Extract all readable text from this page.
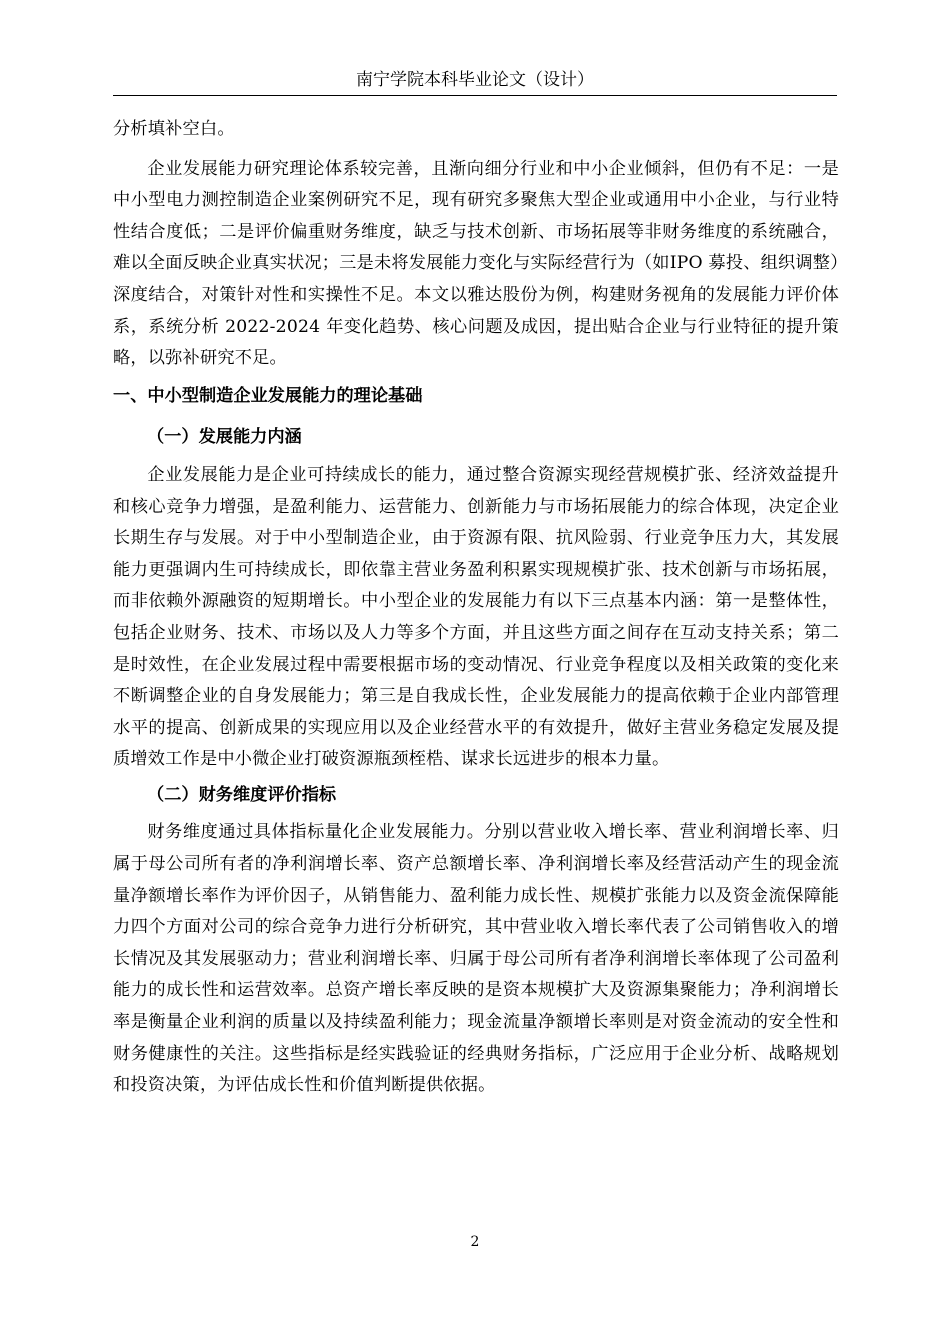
南宁学院本科毕业论文（设计）

分析填补空白。

企业发展能力研究理论体系较完善，且渐向细分行业和中小企业倾斜，但仍有不足：一是中小型电力测控制造企业案例研究不足，现有研究多聚焦大型企业或通用中小企业，与行业特性结合度低；二是评价偏重财务维度，缺乏与技术创新、市场拓展等非财务维度的系统融合，难以全面反映企业真实状况；三是未将发展能力变化与实际经营行为（如IPO 募投、组织调整）深度结合，对策针对性和实操性不足。本文以雅达股份为例，构建财务视角的发展能力评价体系，系统分析 2022-2024 年变化趋势、核心问题及成因，提出贴合企业与行业特征的提升策略，以弥补研究不足。

一、中小型制造企业发展能力的理论基础
（一）发展能力内涵

企业发展能力是企业可持续成长的能力，通过整合资源实现经营规模扩张、经济效益提升和核心竞争力增强，是盈利能力、运营能力、创新能力与市场拓展能力的综合体现，决定企业长期生存与发展。对于中小型制造企业，由于资源有限、抗风险弱、行业竞争压力大，其发展能力更强调内生可持续成长，即依靠主营业务盈利积累实现规模扩张、技术创新与市场拓展，而非依赖外源融资的短期增长。中小型企业的发展能力有以下三点基本内涵：第一是整体性，包括企业财务、技术、市场以及人力等多个方面，并且这些方面之间存在互动支持关系；第二是时效性，在企业发展过程中需要根据市场的变动情况、行业竞争程度以及相关政策的变化来不断调整企业的自身发展能力；第三是自我成长性，企业发展能力的提高依赖于企业内部管理水平的提高、创新成果的实现应用以及企业经营水平的有效提升，做好主营业务稳定发展及提质增效工作是中小微企业打破资源瓶颈桎梏、谋求长远进步的根本力量。

（二）财务维度评价指标

财务维度通过具体指标量化企业发展能力。分别以营业收入增长率、营业利润增长率、归属于母公司所有者的净利润增长率、资产总额增长率、净利润增长率及经营活动产生的现金流量净额增长率作为评价因子，从销售能力、盈利能力成长性、规模扩张能力以及资金流保障能力四个方面对公司的综合竞争力进行分析研究，其中营业收入增长率代表了公司销售收入的增长情况及其发展驱动力；营业利润增长率、归属于母公司所有者净利润增长率体现了公司盈利能力的成长性和运营效率。总资产增长率反映的是资本规模扩大及资源集聚能力；净利润增长率是衡量企业利润的质量以及持续盈利能力；现金流量净额增长率则是对资金流动的安全性和财务健康性的关注。这些指标是经实践验证的经典财务指标，广泛应用于企业分析、战略规划和投资决策，为评估成长性和价值判断提供依据。

2
